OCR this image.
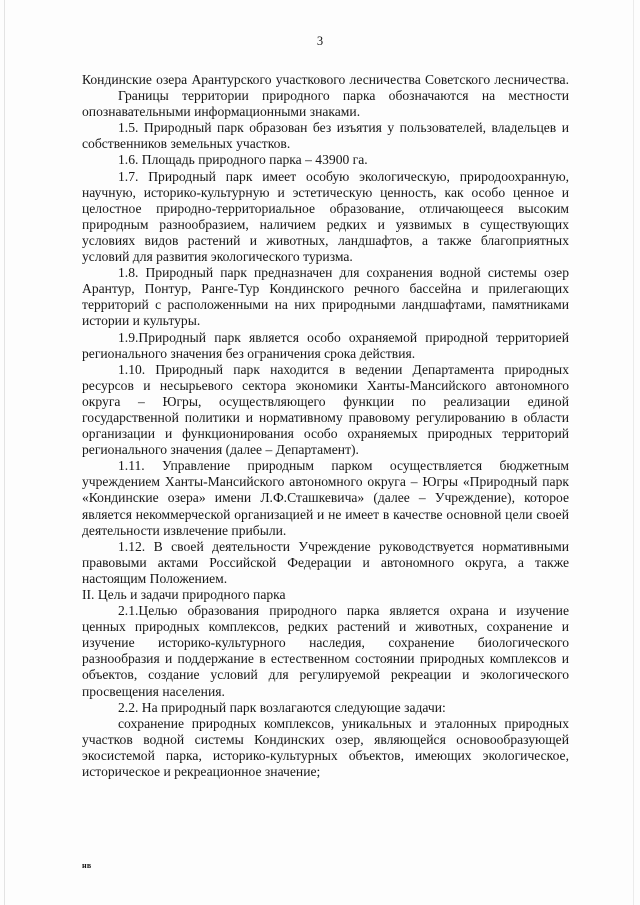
3

Кондинские озера Арантурского участкового лесничества Советского лесничества.

Границы территории природного парка обозначаются на местности опознавательными информационными знаками.

1.5. Природный парк образован без изъятия у пользователей, владельцев и собственников земельных участков.

1.6. Площадь природного парка – 43900 га.

1.7. Природный парк имеет особую экологическую, природоохранную, научную, историко-культурную и эстетическую ценность, как особо ценное и целостное природно-территориальное образование, отличающееся высоким природным разнообразием, наличием редких и уязвимых в существующих условиях видов растений и животных, ландшафтов, а также благоприятных условий для развития экологического туризма.

1.8. Природный парк предназначен для сохранения водной системы озер Арантур, Понтур, Ранге-Тур Кондинского речного бассейна и прилегающих территорий с расположенными на них природными ландшафтами, памятниками истории и культуры.

1.9.Природный парк является особо охраняемой природной территорией регионального значения без ограничения срока действия.

1.10. Природный парк находится в ведении Департамента природных ресурсов и несырьевого сектора экономики Ханты-Мансийского автономного округа – Югры, осуществляющего функции по реализации единой государственной политики и нормативному правовому регулированию в области организации и функционирования особо охраняемых природных территорий регионального значения (далее – Департамент).

1.11. Управление природным парком осуществляется бюджетным учреждением Ханты-Мансийского автономного округа – Югры «Природный парк «Кондинские озера» имени Л.Ф.Сташкевича» (далее – Учреждение), которое является некоммерческой организацией и не имеет в качестве основной цели своей деятельности извлечение прибыли.

1.12. В своей деятельности Учреждение руководствуется нормативными правовыми актами Российской Федерации и автономного округа, а также настоящим Положением.

II. Цель и задачи природного парка

2.1.Целью образования природного парка является охрана и изучение ценных природных комплексов, редких растений и животных, сохранение и изучение историко-культурного наследия, сохранение биологического разнообразия и поддержание в естественном состоянии природных комплексов и объектов, создание условий для регулируемой рекреации и экологического просвещения населения.

2.2. На природный парк возлагаются следующие задачи:

сохранение природных комплексов, уникальных и эталонных природных участков водной системы Кондинских озер, являющейся основообразующей экосистемой парка, историко-культурных объектов, имеющих экологическое, историческое и рекреационное значение;

нв
